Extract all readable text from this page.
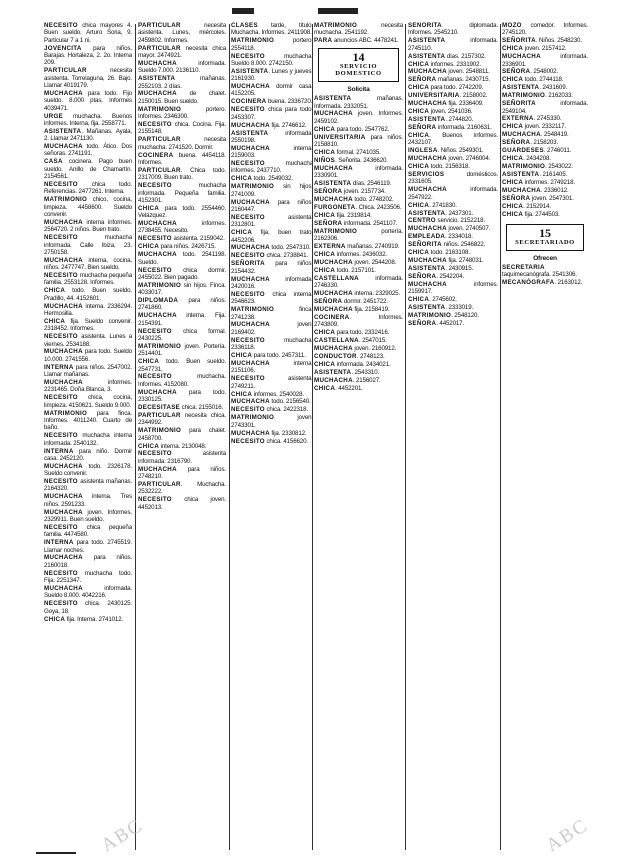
NECESITO chica mayores 4. Buen sueldo. Arturo Soria, 9. Particular 7 a 1 ni.

JOVENCITA para niños. Barajas. Hortaleza, 2. 2o. Interna 209.

PARTICULAR necesita asistenta. Torrelaguna, 26. Bajo. Llamar 4019179.

MUCHACHA para todo. Fijo sueldo. 8.000 ptas. Informes 4039471.

URGE muchacha. Buenos informes. Interna, fija. 2558771.

ASISTENTA. Mañanas. Ayala, 2. Llamar 2471130.

MUCHACHA todo. Ático. Dos señoras. 2741191.

CASA cocinera. Pago buen sueldo. Anillo de Chamartín. 2154561.

NECESITO chica todo. Referencias. 2477261. Interna.

MATRIMONIO chico, cocina, limpieza. 4458600. Sueldo convenir.

MUCHACHA interna informes. 2564720. 2 niños. Buen trato.

NECESITO muchacha informada. Calle Ibiza, 23. 2750158.

MUCHACHA interna, cocina, niños. 2477747. Bien sueldo.

NECESITO muchacha pequeña familia. 2553128. Informes.

CHICA todo. Buen sueldo. Pradillo, 44. 4152601.

MUCHACHA interna. 2336294. Hermosilla.

CHICA fija. Sueldo convenir. 2318452. Informes.

NECESITO asistenta. Lunes a viernes. 2534188.

MUCHACHA para todo. Sueldo 10.000. 2741556.

INTERNA para niños. 2547002. Llamar mañanas.

MUCHACHA informes. 2231465. Doña Blanca, 3.

NECESITO chica, cocina, limpieza. 4150621. Sueldo 9.000.

MATRIMONIO para finca. Informes. 4011240. Cuarto de baño.

NECESITO muchacha interna informada. 2540132.

INTERNA para niño. Dormir casa. 2452120.

MUCHACHA todo. 2326178. Sueldo convenir.

NECESITO asistenta mañanas. 2164320.

MUCHACHA interna. Tres niños. 2591233.

MUCHACHA joven. Informes. 2329911. Buen sueldo.

NECESITO chica pequeña familia. 4474580.

INTERNA para todo. 2745519. Llamar noches.

MUCHACHA para niños. 2160018.

NECESITO muchacha todo. Fija. 2251347.

MUCHACHA informada. Sueldo 8.000. 4042216.

NECESITO chica. 2430125. Goya, 18.

CHICA fija. Interna. 2741012.

PARTICULAR necesita asistenta. Lunes, miércoles. 2459802. Informes.

PARTICULAR necesita chica mayor. 2474921.

MUCHACHA informada. Sueldo 7.000. 2136110.

ASISTENTA mañanas. 2552103. 2 días.

MUCHACHA de chalet. 2150015. Buen sueldo.

MATRIMONIO portero. Informes. 2346300.

NECESITO chica. Cocina. Fija. 2155148.

PARTICULAR necesita muchacha. 2741520. Dormir.

COCINERA buena. 4454118. Informes.

PARTICULAR. Chica todo. 2317009. Buen trato.

NECESITO muchacha informada. Pequeña familia. 4152301.

CHICA para todo. 2554460. Velázquez.

MUCHACHA informes. 2738455. Necesito.

NECESITO asistenta. 2159042.

CHICA para niños. 2426715.

MUCHACHA todo. 2541198. Sueldo.

NECESITO chica dormir. 2455022. Bien pagado.

MATRIMONIO sin hijos. Finca. 4033017.

DIPLOMADA para niños. 2741860.

MUCHACHA interna. Fija. 2154391.

NECESITO chica formal. 2430225.

MATRIMONIO joven. Portería. 2514401.

CHICA todo. Buen sueldo. 2547731.

NECESITO muchacha. Informes. 4152080.

MUCHACHA para todo. 2330125.

DECESITASE chica. 2155016.

PARTICULAR necesita chica. 2344992.

MATRIMONIO para chalet. 2458700.

CHICA interna. 2130048.

NECESITO asistenta informada. 2316790.

MUCHACHA para niños. 2748210.

PARTICULAR. Muchacha. 2532222.

NECESITO chica joven. 4452013.

CLASES tarde, título. Muchacha. Informes. 2411908.

MATRIMONIO portero. 2554118.

NECESITO muchacha. Sueldo 8.000. 2742150.

ASISTENTA. Lunes y jueves. 2161930.

MUCHACHA dormir casa. 4152205.

COCINERA buena. 2336720.

NECESITO chica para todo. 2453307.

MUCHACHA fija. 2746612.

ASISTENTA informada. 2550198.

MUCHACHA interna. 2159003.

NECESITO muchacha informes. 2437710.

CHICA todo. 2549032.

MATRIMONIO sin hijos. 2741009.

MUCHACHA para niños. 2160447.

NECESITO asistenta. 2312801.

CHICA fija, buen trato. 4452206.

MUCHACHA todo. 2547310.

NECESITO chica. 2738841.

SEÑORITA para niños. 2154432.

MUCHACHA informada. 2420016.

NECESITO chica interna. 2546623.

MATRIMONIO finca. 2741238.

MUCHACHA joven. 2169402.

NECESITO muchacha. 2336118.

CHICA para todo. 2457311.

MUCHACHA interna. 2151106.

NECESITO asistenta. 2749211.

CHICA informes. 2540028.

MUCHACHA todo. 2156540.

NECESITO chica. 2422318.

MATRIMONIO joven. 2743301.

MUCHACHA fija. 2330812.

NECESITO chica. 4156620.

MATRIMONIO necesita muchacha. 2541192.

PARA anuncios ABC. 4478241.

14
SERVICIO DOMESTICO
Solicita

ASISTENTA mañanas. Informada. 2332051.

MUCHACHA joven. Informes. 2459102.

CHICA para todo. 2547762.

UNIVERSITARIA para niños. 2158810.

CHICA formal. 2741035.

NIÑOS. Señorita. 2436620.

MUCHACHA informada. 2330901.

ASISTENTA días. 2546119.

SEÑORA joven. 2157734.

MUCHACHA todo. 2748202.

FURGONETA. Chica. 2423506.

CHICA fija. 2319814.

SEÑORA informada. 2541107.

MATRIMONIO portería. 2162306.

EXTERNA mañanas. 2740919.

CHICA informes. 2436032.

MUCHACHA joven. 2544208.

CHICA todo. 2157101.

CASTELLANA informada. 2746330.

MUCHACHA interna. 2329025.

SEÑORA dormir. 2451722.

MUCHACHA fija. 2158419.

COCINERA. Informes. 2743809.

CHICA para todo. 2332416.

CASTELLANA. 2547015.

MUCHACHA joven. 2160912.

CONDUCTOR. 2748123.

CHICA informada. 2434021.

ASISTENTA. 2543310.

MUCHACHA. 2156027.

CHICA. 4452201.

SEÑORITA diplomada. Informes. 2545210.

ASISTENTA informada. 2745110.

ASISTENTA días. 2157302.

CHICA informes. 2331902.

MUCHACHA joven. 2548811.

SEÑORA mañanas. 2430715.

CHICA para todo. 2742209.

UNIVERSITARIA. 2158002.

MUCHACHA fija. 2336409.

CHICA joven. 2541036.

ASISTENTA. 2744820.

SEÑORA informada. 2160631.

CHICA. Buenos informes. 2432107.

INGLESA. Niños. 2549301.

MUCHACHA joven. 2746004.

CHICA todo. 2156318.

SERVICIOS domésticos. 2331605.

MUCHACHA informada. 2547922.

CHICA. 2741830.

ASISTENTA. 2437301.

CENTRO servicio. 2152218.

MUCHACHA joven. 2740507.

EMPLEADA. 2334018.

SEÑORITA niños. 2546822.

CHICA todo. 2163108.

MUCHACHA fija. 2748031.

ASISTENTA. 2430915.

SEÑORA. 2542204.

MUCHACHA informes. 2159917.

CHICA. 2745602.

ASISTENTA. 2333019.

MATRIMONIO. 2548120.

SEÑORA. 4452017.

MOZO comedor. Informes. 2745120.

SEÑORITA. Niños. 2548230.

CHICA joven. 2157412.

MUCHACHA informada. 2336901.

SEÑORA. 2548002.

CHICA todo. 2744118.

ASISTENTA. 2431609.

MATRIMONIO. 2162033.

SEÑORITA informada. 2549104.

EXTERNA. 2745330.

CHICA joven. 2332117.

MUCHACHA. 2548419.

SEÑORA. 2158203.

GUARDESES. 2746011.

CHICA. 2434208.

MATRIMONIO. 2543022.

ASISTENTA. 2161405.

CHICA informes. 2749218.

MUCHACHA. 2336012.

SEÑORA joven. 2547301.

CHICA. 2152914.

CHICA fija. 2744503.

15
SECRETARIADO
Ofrecen

SECRETARIA taquimecanógrafa. 2541306.

MECANÓGRAFA. 2163012.

ABC	ABC
